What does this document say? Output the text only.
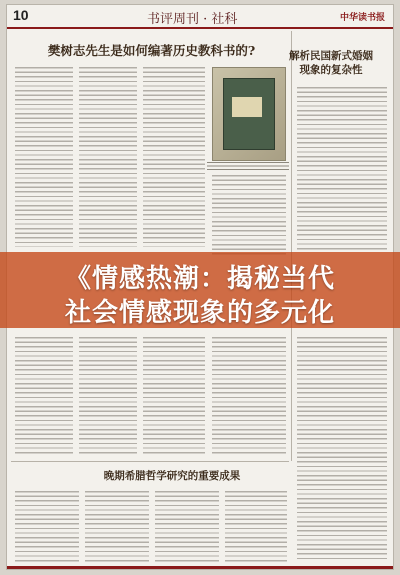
10	书评周刊 · 社科	中华读书报
樊树志先生是如何编著历史教科书的?	解析民国新式婚姻
现象的复杂性
晚期希腊哲学研究的重要成果
《情感热潮：揭秘当代
社会情感现象的多元化
